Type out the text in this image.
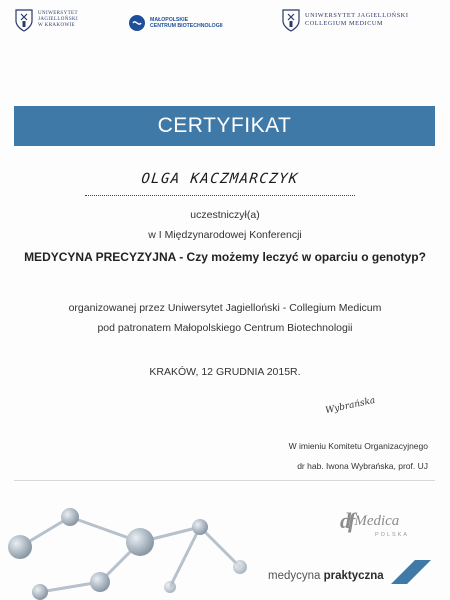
UNIWERSYTET
JAGIELLOŃSKI
W KRAKOWIE
MAŁOPOLSKIE
CENTRUM BIOTECHNOLOGII
UNIWERSYTET JAGIELLOŃSKI
COLLEGIUM MEDICUM
CERTYFIKAT
OLGA KACZMARCZYK
uczestniczył(a)
w I Międzynarodowej Konferencji
MEDYCYNA PRECYZYJNA - Czy możemy leczyć w oparciu o genotyp?
organizowanej przez Uniwersytet Jagielloński - Collegium Medicum
pod patronatem Małopolskiego Centrum Biotechnologii
KRAKÓW, 12 GRUDNIA 2015R.
Wybrańska
W imieniu Komitetu Organizacyjnego
dr hab. Iwona Wybrańska, prof. UJ
df Medica
POLSKA
medycyna praktyczna
